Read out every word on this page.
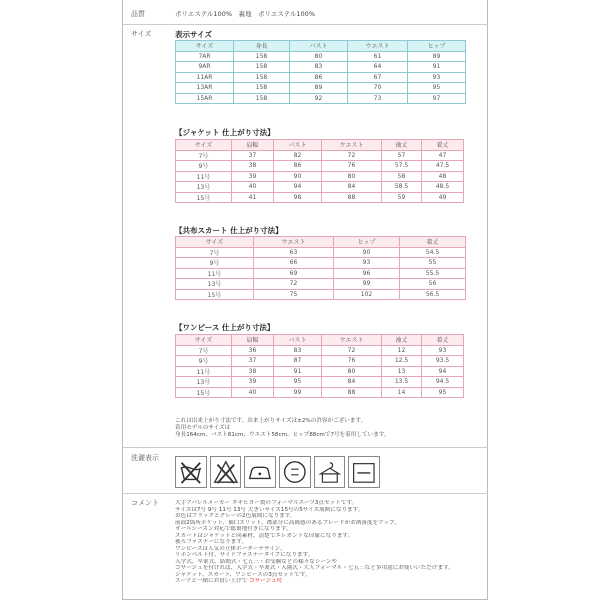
品質	ポリエステル100%　裏地　ポリエステル100%
サイズ	表示サイズ
サイズ	身長	バスト	ウエスト	ヒップ
7AR	158	80	61	89
9AR	158	83	64	91
11AR	158	86	67	93
13AR	158	89	70	95
15AR	158	92	73	97
【ジャケット 仕上がり寸法】
サイズ	肩幅	バスト	ウエスト	袖丈	着丈
7号	37	82	72	57	47
9号	38	86	76	57.5	47.5
11号	39	90	80	58	48
13号	40	94	84	58.5	48.5
15号	41	98	88	59	49
【共布スカート 仕上がり寸法】
サイズ	ウエスト	ヒップ	着丈
7号	63	90	54.5
9号	66	93	55
11号	69	96	55.5
13号	72	99	56
15号	75	102	56.5
【ワンピース 仕上がり寸法】
サイズ	肩幅	バスト	ウエスト	袖丈	着丈
7号	36	83	72	12	93
9号	37	87	76	12.5	93.5
11号	38	91	80	13	94
13号	39	95	84	13.5	94.5
15号	40	99	88	14	95
これは出来上がり寸法です。出来上がりサイズは±2%の許容がございます。
着用モデルのサイズは
身長164cm、バスト81cm、ウエスト58cm、ヒップ88cmで7号を着用しています。
洗濯表示
コメント	大手アパレルメーカー タキヒヨー製のフォーマルスーツ3点セットです。
サイズは7号 9号 11号 13号 大きいサイズ15号の5サイズ展開になります。
お色はブラックとグレーの2色展開になります。
前面2箇所ポケット、袖口スリット、襟部分に高級感のあるブレードがお洒落度をアップ。
オールシーズン対応で総裏地付きになります。
スカートはジャケットと同素材、清楚でエレガントな印象になります。
後ろファスナーになります。
ワンピースは人気の立体ボーダーデザイン。
リボンベルト付、サイドファスナータイプになります。
入学式、卒業式、結婚式・七五三・お受験などの様々なシーンや
コサージュを付ければ、入学式・卒業式・入園式・大人フォーマル・七五三など多用途にお使いいただけます。
ジャケット、スカート、ワンピースの3点セットです。
スーツと一緒にお買い上げで コサージュ付
